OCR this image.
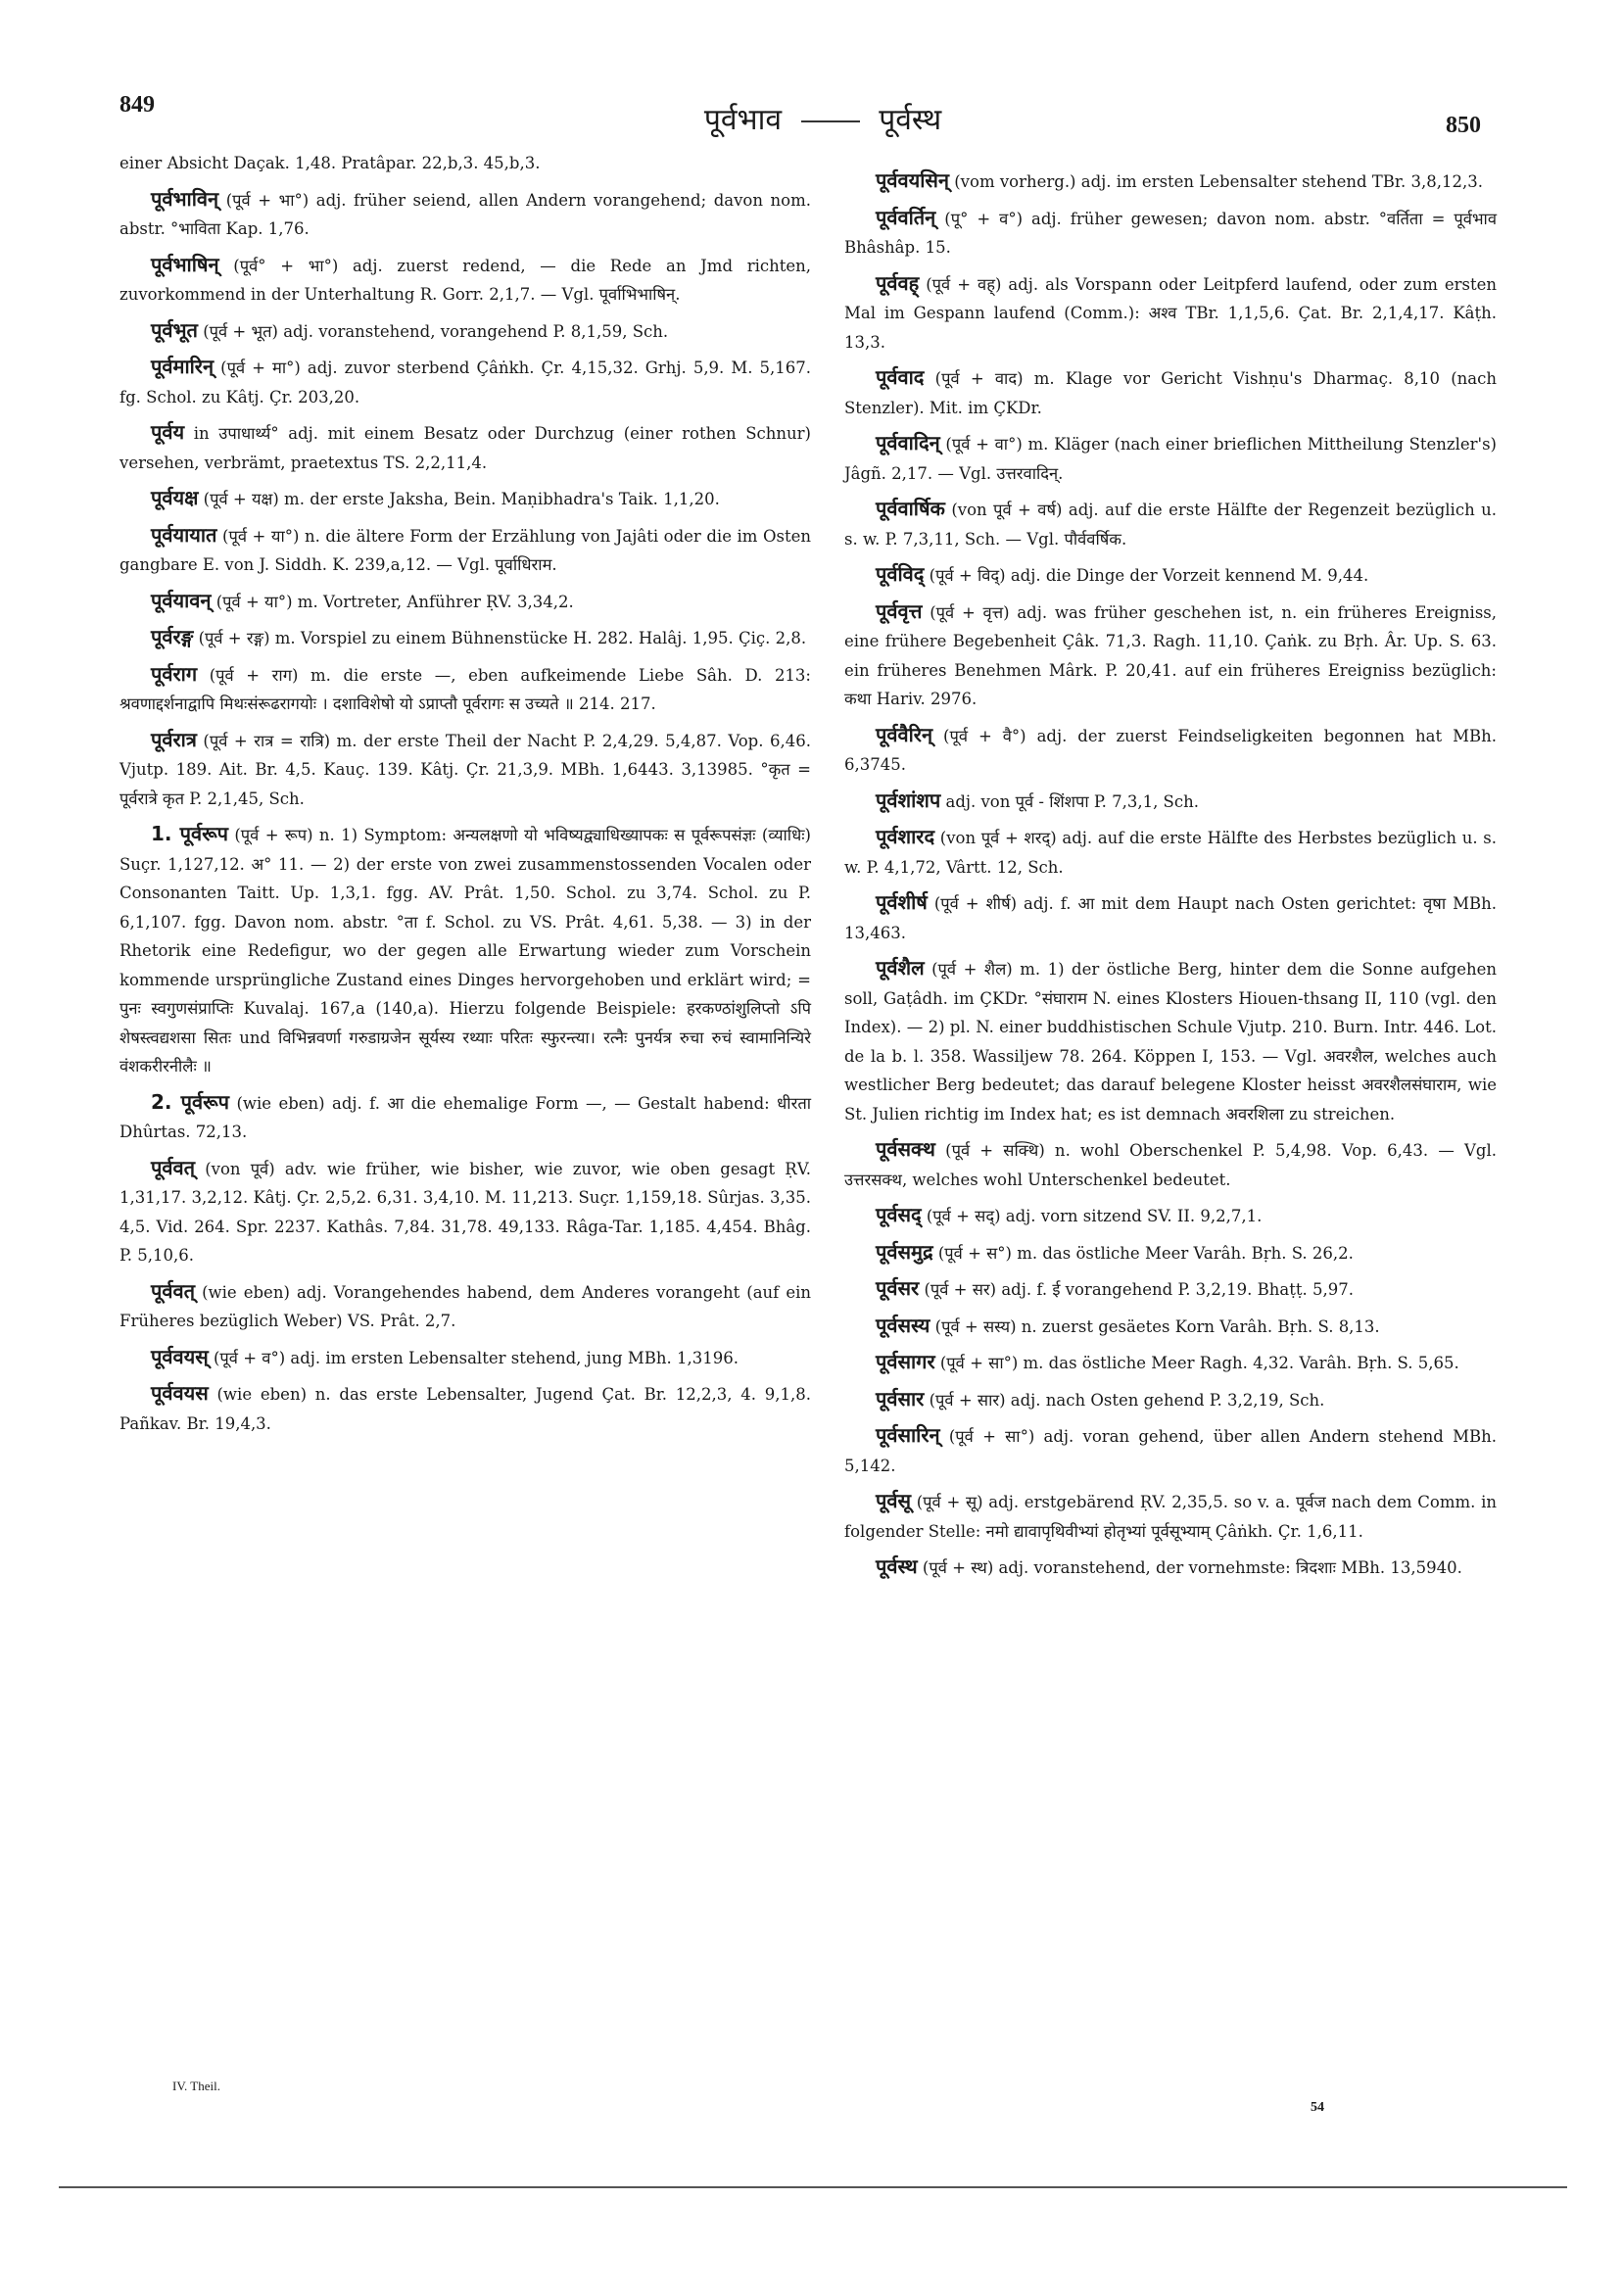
849	पूर्वभाव	पूर्वस्थ	850

einer Absicht Daçak. 1,48. Pratâpar. 22,b,3. 45,b,3.

पूर्वभाविन् (पूर्व + भा°) adj. früher seiend, allen Andern vorangehend; davon nom. abstr. °भाविता Kap. 1,76.

पूर्वभाषिन् (पूर्व° + भा°) adj. zuerst redend, — die Rede an Jmd richten, zuvorkommend in der Unterhaltung R. Gorr. 2,1,7. — Vgl. पूर्वाभिभाषिन्.

पूर्वभूत (पूर्व + भूत) adj. voranstehend, vorangehend P. 8,1,59, Sch.

पूर्वमारिन् (पूर्व + मा°) adj. zuvor sterbend Çâṅkh. Çr. 4,15,32. Grhj. 5,9. M. 5,167. fg. Schol. zu Kâtj. Çr. 203,20.

पूर्वय in उपाधार्थ्य° adj. mit einem Besatz oder Durchzug (einer rothen Schnur) versehen, verbrämt, praetextus TS. 2,2,11,4.

पूर्वयक्ष (पूर्व + यक्ष) m. der erste Jaksha, Bein. Maṇibhadra's Taik. 1,1,20.

पूर्वयायात (पूर्व + या°) n. die ältere Form der Erzählung von Jajâti oder die im Osten gangbare E. von J. Siddh. K. 239,a,12. — Vgl. पूर्वाधिराम.

पूर्वयावन् (पूर्व + या°) m. Vortreter, Anführer ṚV. 3,34,2.

पूर्वरङ्ग (पूर्व + रङ्ग) m. Vorspiel zu einem Bühnenstücke H. 282. Halâj. 1,95. Çiç. 2,8.

पूर्वराग (पूर्व + राग) m. die erste —, eben aufkeimende Liebe Sâh. D. 213: श्रवणाद्दर्शनाद्वापि मिथःसंरूढरागयोः । दशाविशेषो यो ऽप्राप्तौ पूर्वरागः स उच्यते ॥ 214. 217.

पूर्वरात्र (पूर्व + रात्र = रात्रि) m. der erste Theil der Nacht P. 2,4,29. 5,4,87. Vop. 6,46. Vjutp. 189. Ait. Br. 4,5. Kauç. 139. Kâtj. Çr. 21,3,9. MBh. 1,6443. 3,13985. °कृत = पूर्वरात्रे कृत P. 2,1,45, Sch.

1. पूर्वरूप (पूर्व + रूप) n. 1) Symptom: अन्यलक्षणो यो भविष्यद्व्याधिख्यापकः स पूर्वरूपसंज्ञः (व्याधिः) Suçr. 1,127,12. अ° 11. — 2) der erste von zwei zusammenstossenden Vocalen oder Consonanten Taitt. Up. 1,3,1. fgg. AV. Prât. 1,50. Schol. zu 3,74. Schol. zu P. 6,1,107. fgg. Davon nom. abstr. °ता f. Schol. zu VS. Prât. 4,61. 5,38. — 3) in der Rhetorik eine Redefigur, wo der gegen alle Erwartung wieder zum Vorschein kommende ursprüngliche Zustand eines Dinges hervorgehoben und erklärt wird; = पुनः स्वगुणसंप्राप्तिः Kuvalaj. 167,a (140,a). Hierzu folgende Beispiele: हरकण्ठांशुलिप्तो ऽपि शेषस्त्वद्यशसा सितः und विभिन्नवर्णा गरुडाग्रजेन सूर्यस्य रथ्याः परितः स्फुरन्त्या। रत्नैः पुनर्यत्र रुचा रुचं स्वामानिन्यिरे वंशकरीरनीलैः ॥

2. पूर्वरूप (wie eben) adj. f. आ die ehemalige Form —, — Gestalt habend: धीरता Dhûrtas. 72,13.

पूर्ववत् (von पूर्व) adv. wie früher, wie bisher, wie zuvor, wie oben gesagt ṚV. 1,31,17. 3,2,12. Kâtj. Çr. 2,5,2. 6,31. 3,4,10. M. 11,213. Suçr. 1,159,18. Sûrjas. 3,35. 4,5. Vid. 264. Spr. 2237. Kathâs. 7,84. 31,78. 49,133. Râga-Tar. 1,185. 4,454. Bhâg. P. 5,10,6.

पूर्ववत् (wie eben) adj. Vorangehendes habend, dem Anderes vorangeht (auf ein Früheres bezüglich Weber) VS. Prât. 2,7.

पूर्ववयस् (पूर्व + व°) adj. im ersten Lebensalter stehend, jung MBh. 1,3196.

पूर्ववयस (wie eben) n. das erste Lebensalter, Jugend Çat. Br. 12,2,3, 4. 9,1,8. Pañkav. Br. 19,4,3.

पूर्ववयसिन् (vom vorherg.) adj. im ersten Lebensalter stehend TBr. 3,8,12,3.

पूर्ववर्तिन् (पू° + व°) adj. früher gewesen; davon nom. abstr. °वर्तिता = पूर्वभाव Bhâshâp. 15.

पूर्ववह् (पूर्व + वह्) adj. als Vorspann oder Leitpferd laufend, oder zum ersten Mal im Gespann laufend (Comm.): अश्व TBr. 1,1,5,6. Çat. Br. 2,1,4,17. Kâṭh. 13,3.

पूर्ववाद (पूर्व + वाद) m. Klage vor Gericht Vishṇu's Dharmaç. 8,10 (nach Stenzler). Mit. im ÇKDr.

पूर्ववादिन् (पूर्व + वा°) m. Kläger (nach einer brieflichen Mittheilung Stenzler's) Jâgñ. 2,17. — Vgl. उत्तरवादिन्.

पूर्ववार्षिक (von पूर्व + वर्ष) adj. auf die erste Hälfte der Regenzeit bezüglich u. s. w. P. 7,3,11, Sch. — Vgl. पौर्ववर्षिक.

पूर्वविद् (पूर्व + विद्) adj. die Dinge der Vorzeit kennend M. 9,44.

पूर्ववृत्त (पूर्व + वृत्त) adj. was früher geschehen ist, n. ein früheres Ereigniss, eine frühere Begebenheit Çâk. 71,3. Ragh. 11,10. Çaṅk. zu Bṛh. Âr. Up. S. 63. ein früheres Benehmen Mârk. P. 20,41. auf ein früheres Ereigniss bezüglich: कथा Hariv. 2976.

पूर्ववैरिन् (पूर्व + वै°) adj. der zuerst Feindseligkeiten begonnen hat MBh. 6,3745.

पूर्वशांशप adj. von पूर्व - शिंशपा P. 7,3,1, Sch.

पूर्वशारद (von पूर्व + शरद्) adj. auf die erste Hälfte des Herbstes bezüglich u. s. w. P. 4,1,72, Vârtt. 12, Sch.

पूर्वशीर्ष (पूर्व + शीर्ष) adj. f. आ mit dem Haupt nach Osten gerichtet: वृषा MBh. 13,463.

पूर्वशैल (पूर्व + शैल) m. 1) der östliche Berg, hinter dem die Sonne aufgehen soll, Gaṭâdh. im ÇKDr. °संघाराम N. eines Klosters Hiouen-thsang II, 110 (vgl. den Index). — 2) pl. N. einer buddhistischen Schule Vjutp. 210. Burn. Intr. 446. Lot. de la b. l. 358. Wassiljew 78. 264. Köppen I, 153. — Vgl. अवरशैल, welches auch westlicher Berg bedeutet; das darauf belegene Kloster heisst अवरशैलसंघाराम, wie St. Julien richtig im Index hat; es ist demnach अवरशिला zu streichen.

पूर्वसक्थ (पूर्व + सक्थि) n. wohl Oberschenkel P. 5,4,98. Vop. 6,43. — Vgl. उत्तरसक्थ, welches wohl Unterschenkel bedeutet.

पूर्वसद् (पूर्व + सद्) adj. vorn sitzend SV. II. 9,2,7,1.

पूर्वसमुद्र (पूर्व + स°) m. das östliche Meer Varâh. Bṛh. S. 26,2.

पूर्वसर (पूर्व + सर) adj. f. ई vorangehend P. 3,2,19. Bhaṭṭ. 5,97.

पूर्वसस्य (पूर्व + सस्य) n. zuerst gesäetes Korn Varâh. Bṛh. S. 8,13.

पूर्वसागर (पूर्व + सा°) m. das östliche Meer Ragh. 4,32. Varâh. Bṛh. S. 5,65.

पूर्वसार (पूर्व + सार) adj. nach Osten gehend P. 3,2,19, Sch.

पूर्वसारिन् (पूर्व + सा°) adj. voran gehend, über allen Andern stehend MBh. 5,142.

पूर्वसू (पूर्व + सू) adj. erstgebärend ṚV. 2,35,5. so v. a. पूर्वज nach dem Comm. in folgender Stelle: नमो द्यावापृथिवीभ्यां होतृभ्यां पूर्वसूभ्याम् Çâṅkh. Çr. 1,6,11.

पूर्वस्थ (पूर्व + स्थ) adj. voranstehend, der vornehmste: त्रिदशाः MBh. 13,5940.

IV. Theil.
54
